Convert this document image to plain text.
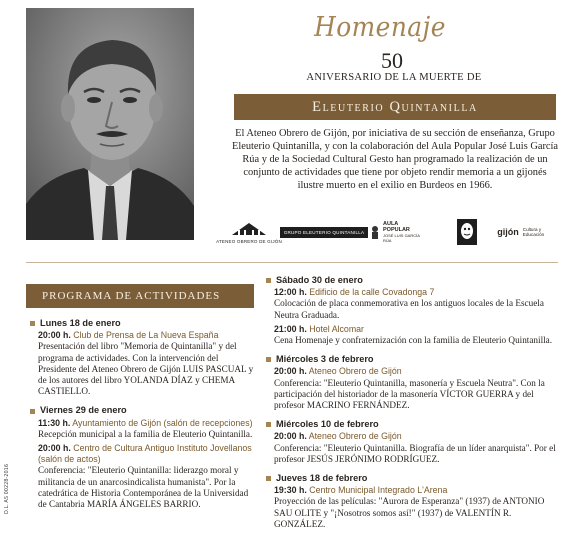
Homenaje
50
ANIVERSARIO DE LA MUERTE DE
Eleuterio Quintanilla
El Ateneo Obrero de Gijón, por iniciativa de su sección de enseñanza, Grupo Eleuterio Quintanilla, y con la colaboración del Aula Popular José Luis García Rúa y de la Sociedad Cultural Gesto han programado la realización de un conjunto de actividades que tiene por objeto rendir memoria a un gijonés ilustre muerto en el exilio en Burdeos en 1966.
ATENEO OBRERO DE GIJÓN
GRUPO ELEUTERIO QUINTANILLA
AULA POPULAR
JOSÉ LUIS GARCÍA RÚA
gijón Cultura y Educación
PROGRAMA DE ACTIVIDADES
Lunes 18 de enero
20:00 h. Club de Prensa de La Nueva España
Presentación del libro "Memoria de Quintanilla" y del programa de actividades. Con la intervención del Presidente del Ateneo Obrero de Gijón LUIS PASCUAL y de los autores del libro YOLANDA DÍAZ y CHEMA CASTIELLO.
Viernes 29 de enero
11:30 h. Ayuntamiento de Gijón (salón de recepciones)
Recepción municipal a la familia de Eleuterio Quintanilla.
20:00 h. Centro de Cultura Antiguo Instituto Jovellanos (salón de actos)
Conferencia: "Eleuterio Quintanilla: liderazgo moral y militancia de un anarcosindicalista humanista". Por la catedrática de Historia Contemporánea de la Universidad de Cantabria MARÍA ÁNGELES BARRIO.
Sábado 30 de enero
12:00 h. Edificio de la calle Covadonga 7
Colocación de placa conmemorativa en los antiguos locales de la Escuela Neutra Graduada.
21:00 h. Hotel Alcomar
Cena Homenaje y confraternización con la familia de Eleuterio Quintanilla.
Miércoles 3 de febrero
20:00 h. Ateneo Obrero de Gijón
Conferencia: "Eleuterio Quintanilla, masonería y Escuela Neutra". Con la participación del historiador de la masonería VÍCTOR GUERRA y del profesor MACRINO FERNÁNDEZ.
Miércoles 10 de febrero
20:00 h. Ateneo Obrero de Gijón
Conferencia: "Eleuterio Quintanilla. Biografía de un líder anarquista". Por el profesor JESÚS JERÓNIMO RODRÍGUEZ.
Jueves 18 de febrero
19:30 h. Centro Municipal Integrado L'Arena
Proyección de las películas: "Aurora de Esperanza" (1937) de ANTONIO SAU OLITE y "¡Nosotros somos así!" (1937) de VALENTÍN R. GONZÁLEZ.
D.L. AS 00228-2016
